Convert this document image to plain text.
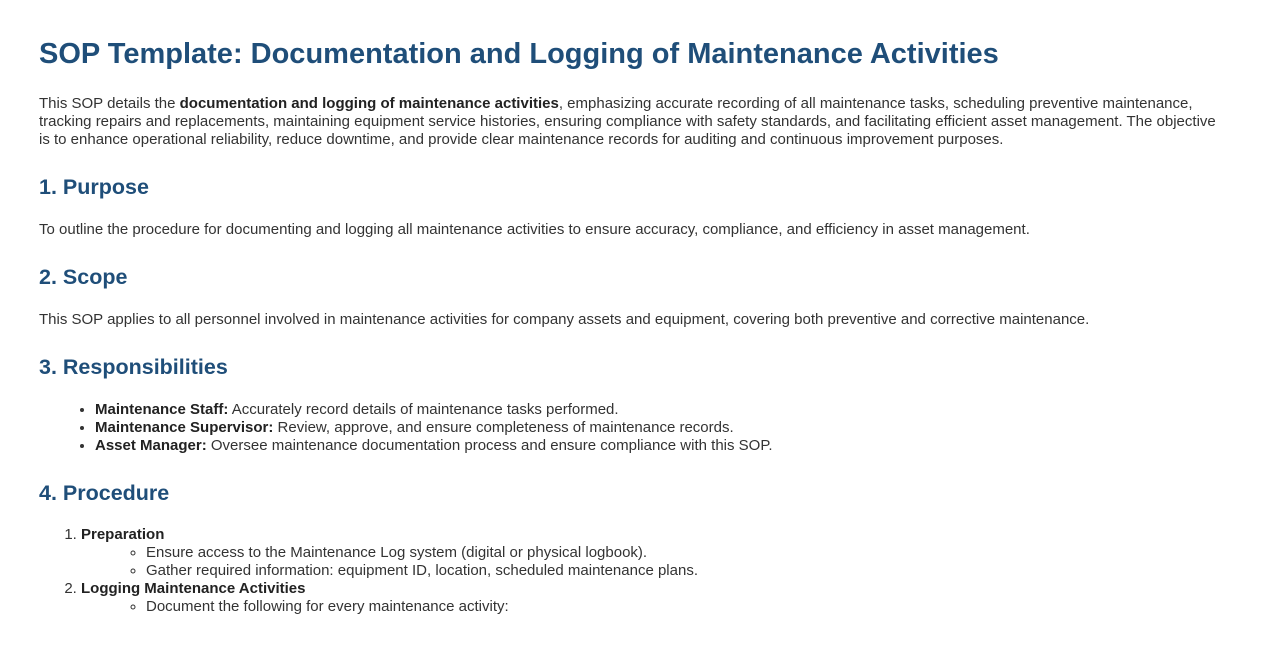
SOP Template: Documentation and Logging of Maintenance Activities

This SOP details the documentation and logging of maintenance activities, emphasizing accurate recording of all maintenance tasks, scheduling preventive maintenance, tracking repairs and replacements, maintaining equipment service histories, ensuring compliance with safety standards, and facilitating efficient asset management. The objective is to enhance operational reliability, reduce downtime, and provide clear maintenance records for auditing and continuous improvement purposes.

1. Purpose

To outline the procedure for documenting and logging all maintenance activities to ensure accuracy, compliance, and efficiency in asset management.

2. Scope

This SOP applies to all personnel involved in maintenance activities for company assets and equipment, covering both preventive and corrective maintenance.

3. Responsibilities
• Maintenance Staff: Accurately record details of maintenance tasks performed.
• Maintenance Supervisor: Review, approve, and ensure completeness of maintenance records.
• Asset Manager: Oversee maintenance documentation process and ensure compliance with this SOP.
4. Procedure
1. Preparation
◦ Ensure access to the Maintenance Log system (digital or physical logbook).
◦ Gather required information: equipment ID, location, scheduled maintenance plans.
2. Logging Maintenance Activities
◦ Document the following for every maintenance activity:
